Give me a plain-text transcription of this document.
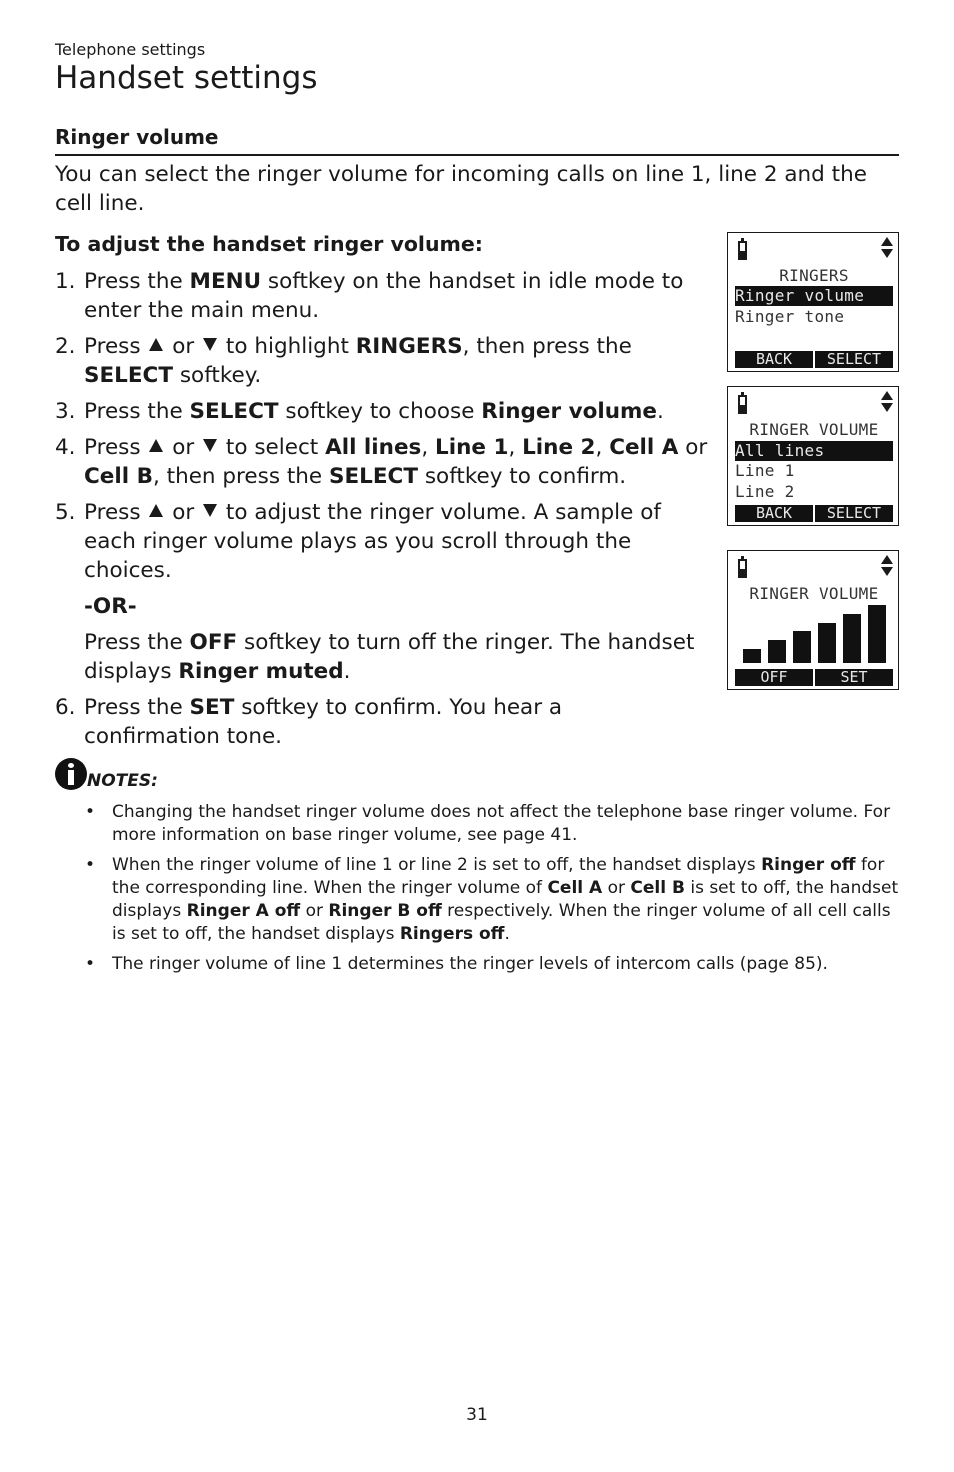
Telephone settings
Handset settings
Ringer volume

You can select the ringer volume for incoming calls on line 1, line 2 and the cell line.

To adjust the handset ringer volume:
1. Press the MENU softkey on the handset in idle mode to enter the main menu.

2. Press  or  to highlight RINGERS, then press the SELECT softkey.

3. Press the SELECT softkey to choose Ringer volume.

4. Press  or  to select All lines, Line 1, Line 2, Cell A or Cell B, then press the SELECT softkey to confirm.

5. Press  or  to adjust the ringer volume. A sample of each ringer volume plays as you scroll through the choices.

-OR-

Press the OFF softkey to turn off the ringer. The handset displays Ringer muted.

6. Press the SET softkey to confirm. You hear a confirmation tone.

RINGERS
Ringer volume
Ringer tone
BACK	SELECT
RINGER VOLUME
All lines
Line 1
Line 2
BACK	SELECT
RINGER VOLUME
OFF	SET
NOTES:
• Changing the handset ringer volume does not affect the telephone base ringer volume. For more information on base ringer volume, see page 41.
• When the ringer volume of line 1 or line 2 is set to off, the handset displays Ringer off for the corresponding line. When the ringer volume of Cell A or Cell B is set to off, the handset displays Ringer A off or Ringer B off respectively. When the ringer volume of all cell calls is set to off, the handset displays Ringers off.
• The ringer volume of line 1 determines the ringer levels of intercom calls (page 85).
31
